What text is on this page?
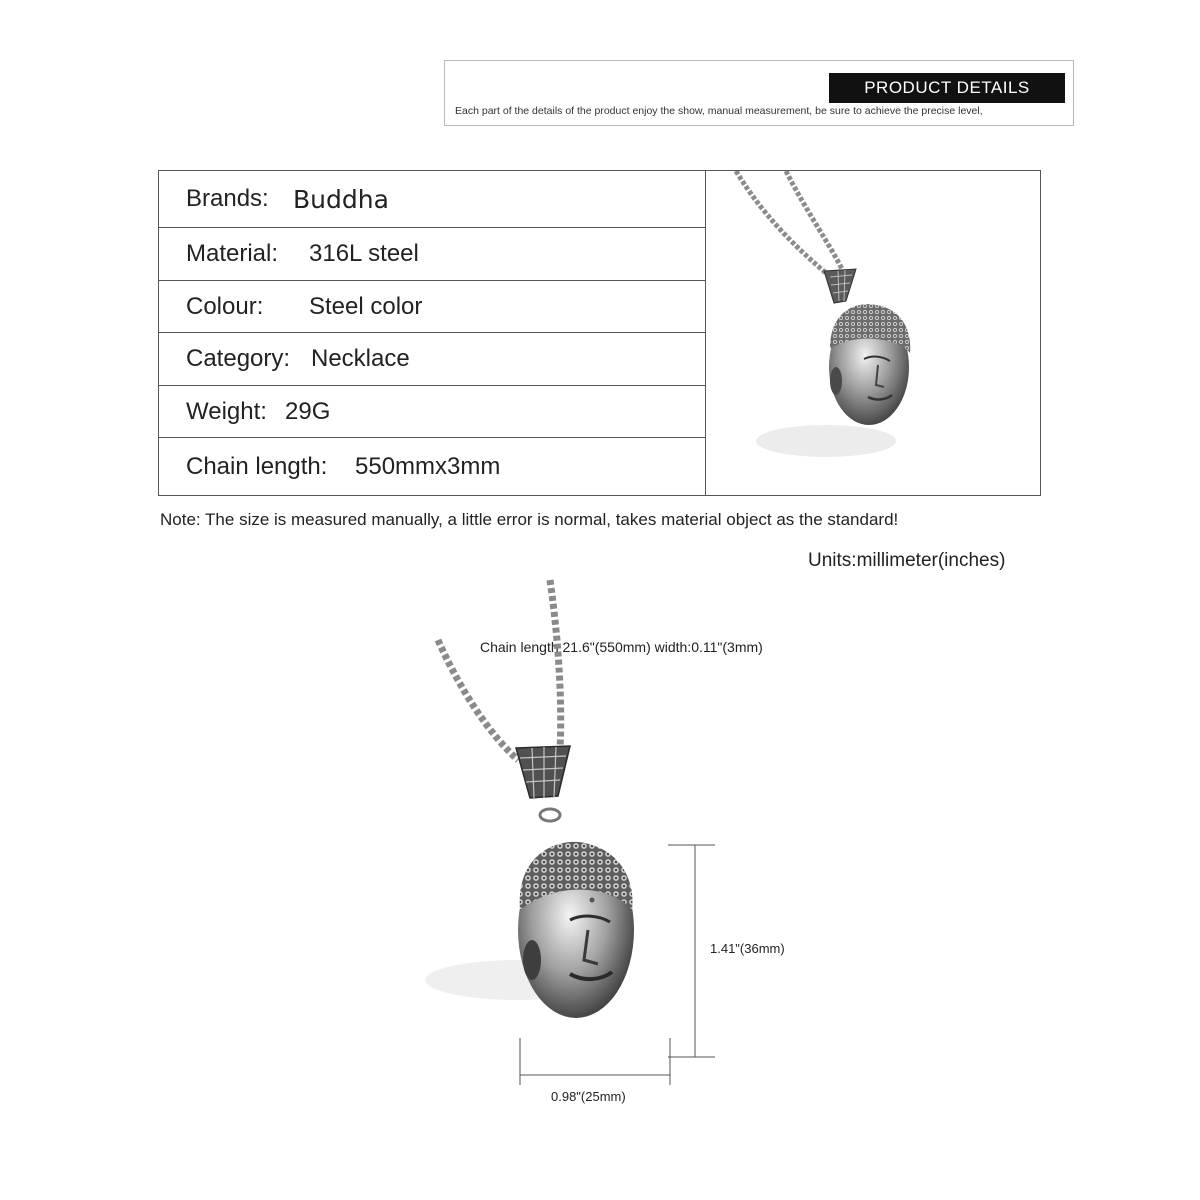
PRODUCT DETAILS
Each part of the details of the product enjoy the show, manual measurement, be sure to achieve the precise level,
Brands: Buddha
Material:	316L steel
Colour:	Steel color
Category: Necklace
Weight: 29G
Chain length:	550mmx3mm
Note: The size is measured manually, a little error is normal, takes material object as the standard!
Units:millimeter(inches)
Chain length 21.6"(550mm) width:0.11"(3mm)
1.41"(36mm)
0.98"(25mm)
